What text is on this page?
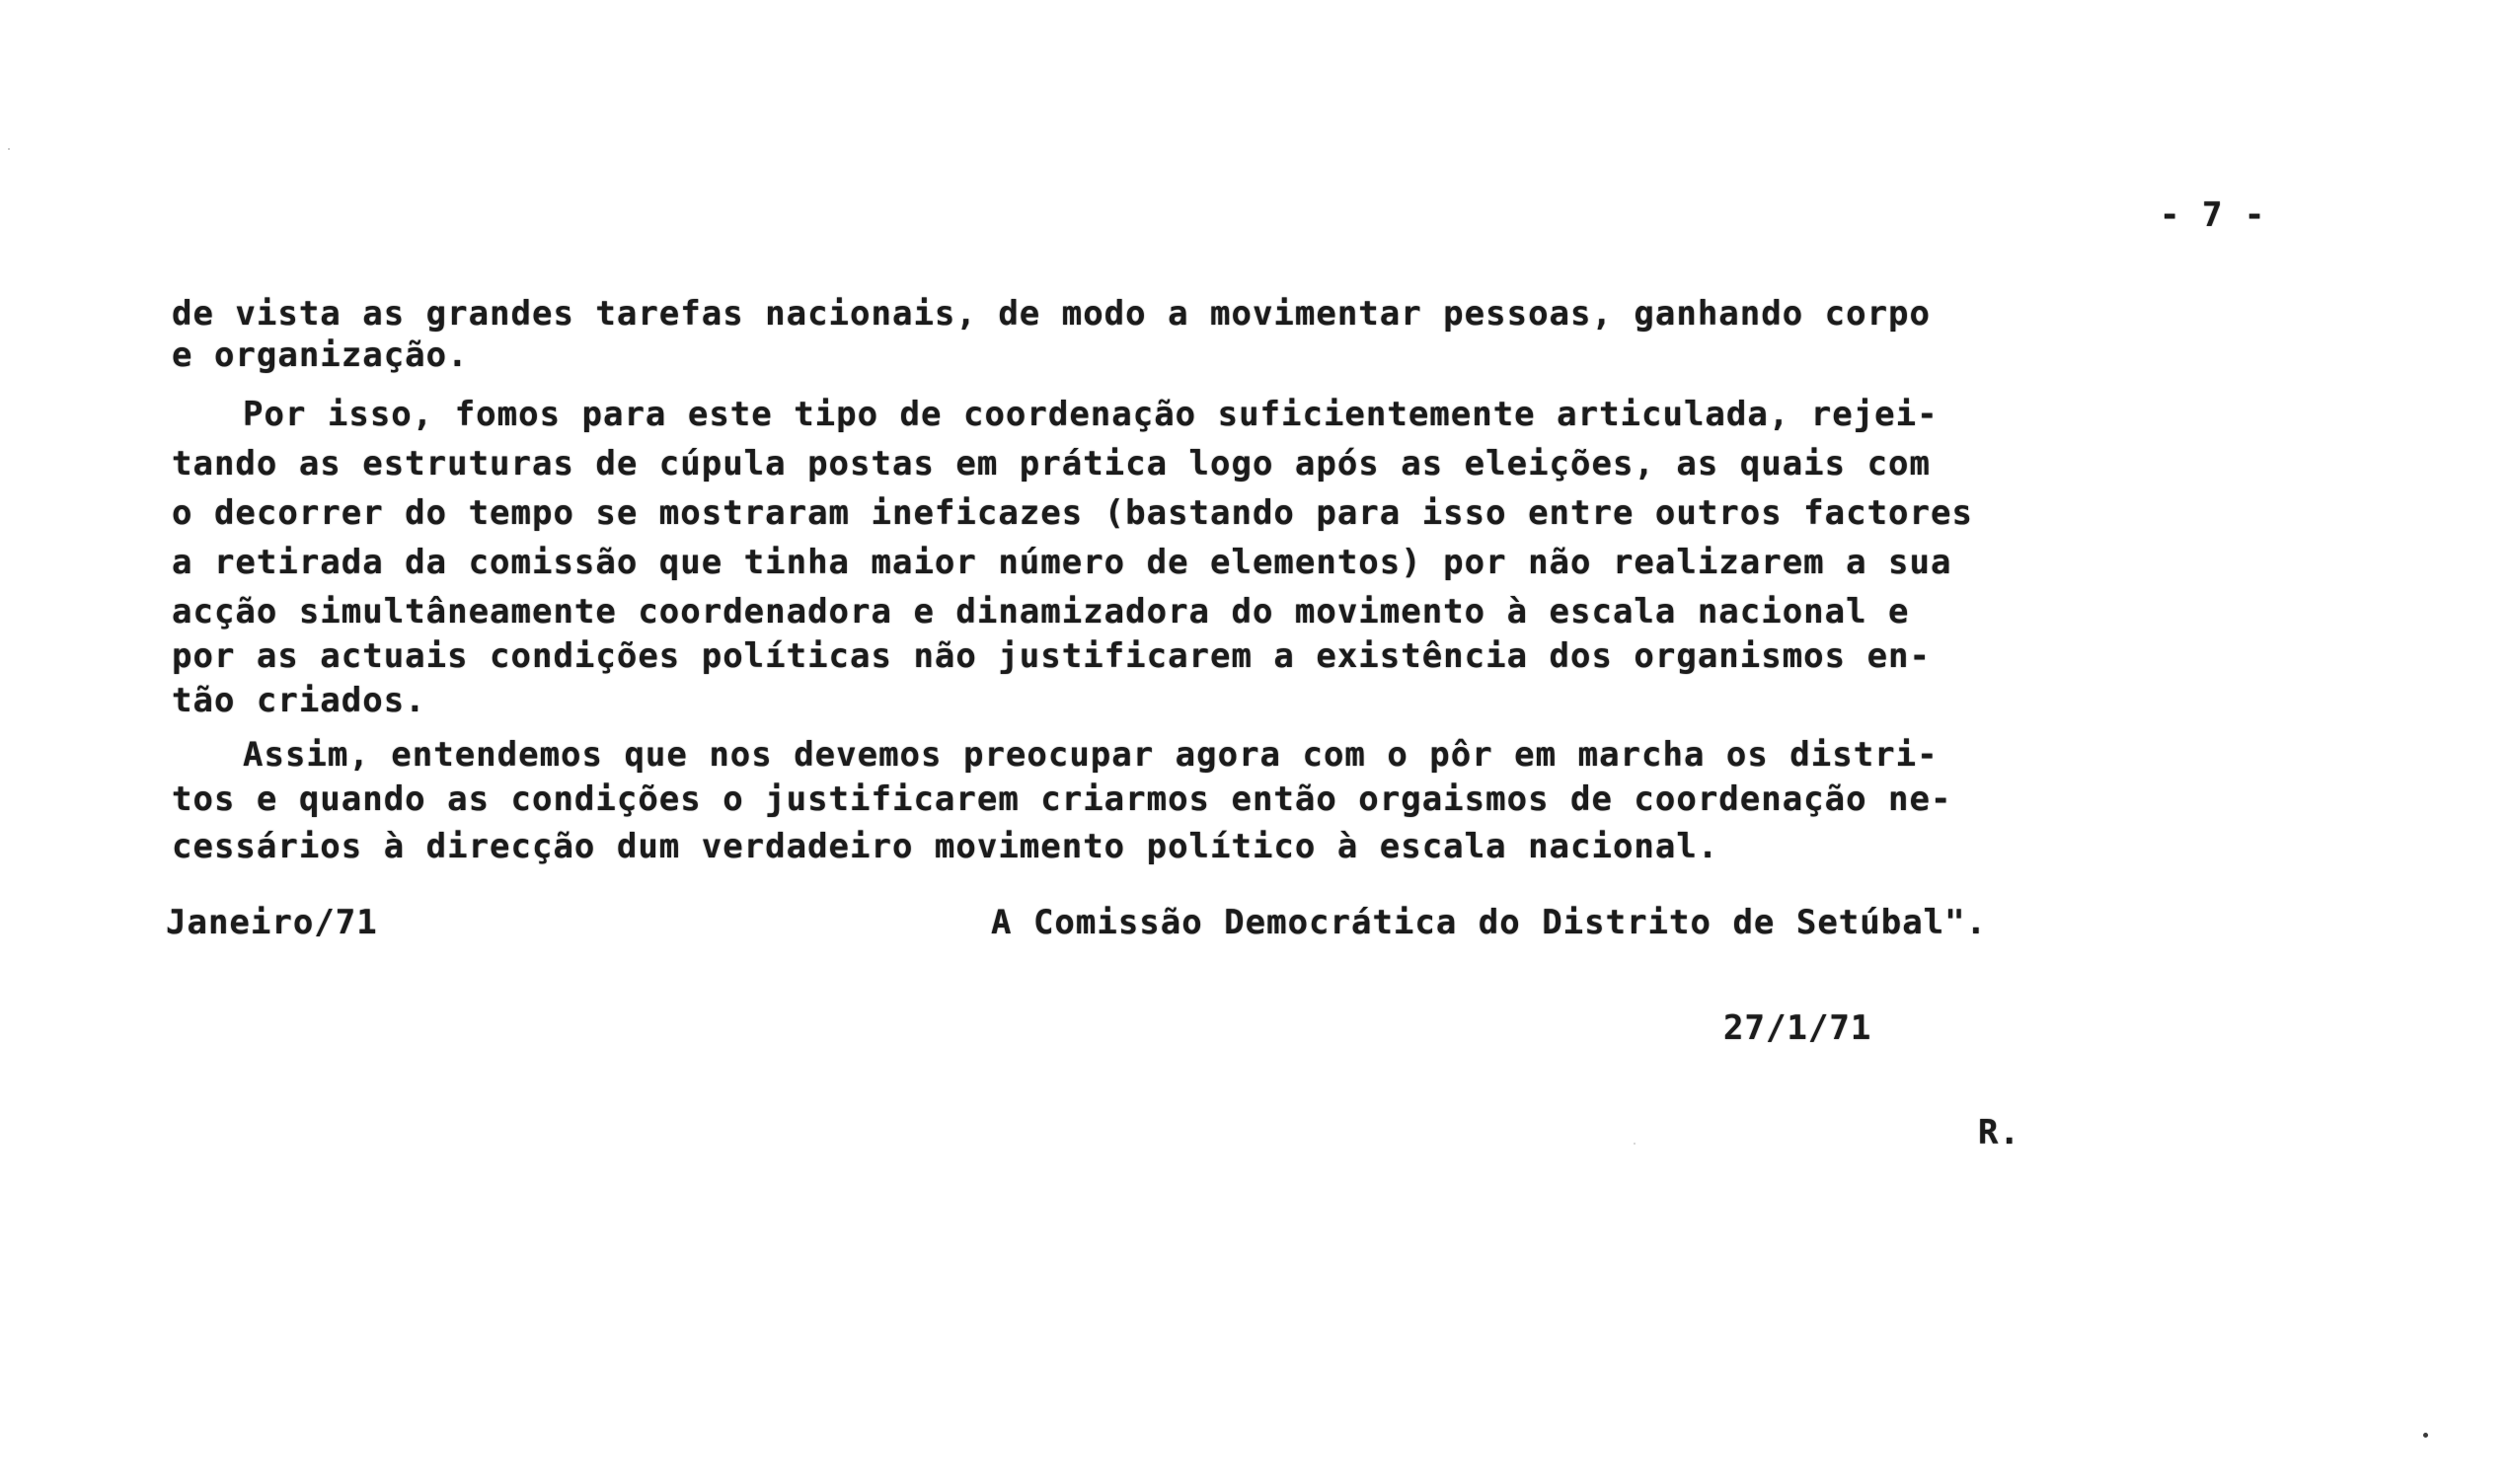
- 7 -
de vista as grandes tarefas nacionais, de modo a movimentar pessoas, ganhando corpo
e organização.
Por isso, fomos para este tipo de coordenação suficientemente articulada, rejei-
tando as estruturas de cúpula postas em prática logo após as eleições, as quais com
o decorrer do tempo se mostraram ineficazes (bastando para isso entre outros factores
a retirada da comissão que tinha maior número de elementos) por não realizarem a sua
acção simultâneamente coordenadora e dinamizadora do movimento à escala nacional e
por as actuais condições políticas não justificarem a existência dos organismos en-
tão criados.
Assim, entendemos que nos devemos preocupar agora com o pôr em marcha os distri-
tos e quando as condições o justificarem criarmos então orgaismos de coordenação ne-
cessários à direcção dum verdadeiro movimento político à escala nacional.
Janeiro/71	A Comissão Democrática do Distrito de Setúbal".
27/1/71
R.
